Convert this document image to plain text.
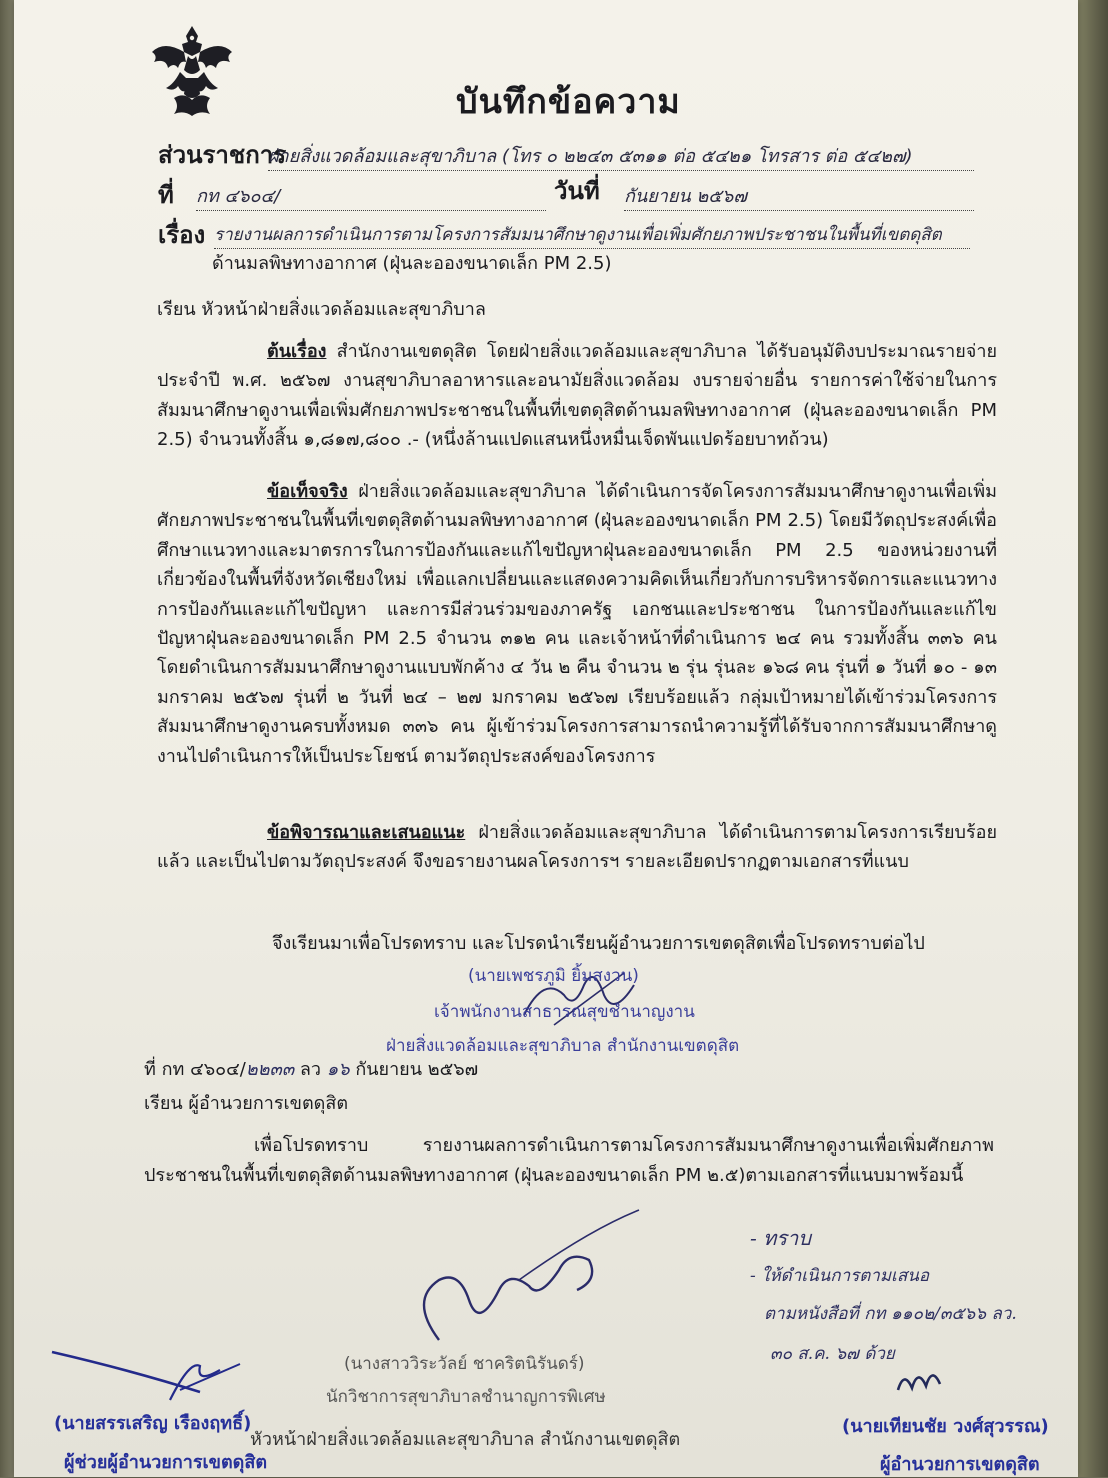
บันทึกข้อความ
ส่วนราชการ
ฝ่ายสิ่งแวดล้อมและสุขาภิบาล (โทร ๐ ๒๒๔๓ ๕๓๑๑ ต่อ ๕๔๒๑ โทรสาร ต่อ ๕๔๒๗)
ที่ กท ๔๖๐๔/	วันที่ กันยายน ๒๕๖๗
เรื่อง รายงานผลการดำเนินการตามโครงการสัมมนาศึกษาดูงานเพื่อเพิ่มศักยภาพประชาชนในพื้นที่เขตดุสิต
ด้านมลพิษทางอากาศ (ฝุ่นละอองขนาดเล็ก PM 2.5)
เรียน หัวหน้าฝ่ายสิ่งแวดล้อมและสุขาภิบาล
ต้นเรื่อง สำนักงานเขตดุสิต โดยฝ่ายสิ่งแวดล้อมและสุขาภิบาล ได้รับอนุมัติงบประมาณรายจ่ายประจำปี พ.ศ. ๒๕๖๗ งานสุขาภิบาลอาหารและอนามัยสิ่งแวดล้อม งบรายจ่ายอื่น รายการค่าใช้จ่ายในการสัมมนาศึกษาดูงานเพื่อเพิ่มศักยภาพประชาชนในพื้นที่เขตดุสิตด้านมลพิษทางอากาศ (ฝุ่นละอองขนาดเล็ก PM 2.5) จำนวนทั้งสิ้น ๑,๘๑๗,๘๐๐ .- (หนึ่งล้านแปดแสนหนึ่งหมื่นเจ็ดพันแปดร้อยบาทถ้วน)
ข้อเท็จจริง ฝ่ายสิ่งแวดล้อมและสุขาภิบาล ได้ดำเนินการจัดโครงการสัมมนาศึกษาดูงานเพื่อเพิ่มศักยภาพประชาชนในพื้นที่เขตดุสิตด้านมลพิษทางอากาศ (ฝุ่นละอองขนาดเล็ก PM 2.5) โดยมีวัตถุประสงค์เพื่อศึกษาแนวทางและมาตรการในการป้องกันและแก้ไขปัญหาฝุ่นละอองขนาดเล็ก PM 2.5 ของหน่วยงานที่เกี่ยวข้องในพื้นที่จังหวัดเชียงใหม่ เพื่อแลกเปลี่ยนและแสดงความคิดเห็นเกี่ยวกับการบริหารจัดการและแนวทางการป้องกันและแก้ไขปัญหา และการมีส่วนร่วมของภาครัฐ เอกชนและประชาชน ในการป้องกันและแก้ไขปัญหาฝุ่นละอองขนาดเล็ก PM 2.5 จำนวน ๓๑๒ คน และเจ้าหน้าที่ดำเนินการ ๒๔ คน รวมทั้งสิ้น ๓๓๖ คน โดยดำเนินการสัมมนาศึกษาดูงานแบบพักค้าง ๔ วัน ๒ คืน จำนวน ๒ รุ่น รุ่นละ ๑๖๘ คน รุ่นที่ ๑ วันที่ ๑๐ - ๑๓ มกราคม ๒๕๖๗ รุ่นที่ ๒ วันที่ ๒๔ – ๒๗ มกราคม ๒๕๖๗ เรียบร้อยแล้ว กลุ่มเป้าหมายได้เข้าร่วมโครงการสัมมนาศึกษาดูงานครบทั้งหมด ๓๓๖ คน ผู้เข้าร่วมโครงการสามารถนำความรู้ที่ได้รับจากการสัมมนาศึกษาดูงานไปดำเนินการให้เป็นประโยชน์ ตามวัตถุประสงค์ของโครงการ
ข้อพิจารณาและเสนอแนะ ฝ่ายสิ่งแวดล้อมและสุขาภิบาล ได้ดำเนินการตามโครงการเรียบร้อยแล้ว และเป็นไปตามวัตถุประสงค์ จึงขอรายงานผลโครงการฯ รายละเอียดปรากฏตามเอกสารที่แนบ
จึงเรียนมาเพื่อโปรดทราบ และโปรดนำเรียนผู้อำนวยการเขตดุสิตเพื่อโปรดทราบต่อไป
(นายเพชรภูมิ ยิ้มสงวน)
เจ้าพนักงานสาธารณสุขชำนาญงาน
ฝ่ายสิ่งแวดล้อมและสุขาภิบาล สำนักงานเขตดุสิต
ที่ กท ๔๖๐๔/๒๒๓๓ ลว ๑๖ กันยายน ๒๕๖๗
เรียน ผู้อำนวยการเขตดุสิต
เพื่อโปรดทราบ รายงานผลการดำเนินการตามโครงการสัมมนาศึกษาดูงานเพื่อเพิ่มศักยภาพประชาชนในพื้นที่เขตดุสิตด้านมลพิษทางอากาศ (ฝุ่นละอองขนาดเล็ก PM ๒.๕)ตามเอกสารที่แนบมาพร้อมนี้
(นางสาววิระวัลย์ ชาคริตนิรันดร์)
นักวิชาการสุขาภิบาลชำนาญการพิเศษ
หัวหน้าฝ่ายสิ่งแวดล้อมและสุขาภิบาล สำนักงานเขตดุสิต
(นายสรรเสริญ เรืองฤทธิ์)
ผู้ช่วยผู้อำนวยการเขตดุสิต
- ทราบ
- ให้ดำเนินการตามเสนอ
ตามหนังสือที่ กท ๑๑๐๒/๓๕๖๖ ลว.
๓๐ ส.ค. ๖๗ ด้วย
(นายเทียนชัย วงศ์สุวรรณ)
ผู้อำนวยการเขตดุสิต
